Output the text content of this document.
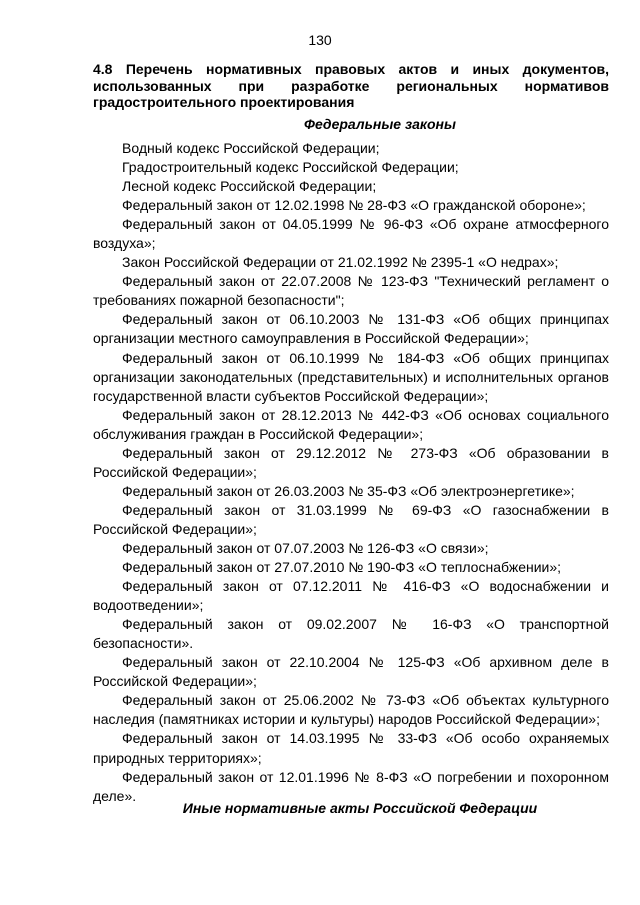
130
4.8 Перечень нормативных правовых актов и иных документов, использованных при разработке региональных нормативов градостроительного проектирования
Федеральные законы
Водный кодекс Российской Федерации;
Градостроительный кодекс Российской Федерации;
Лесной кодекс Российской Федерации;
Федеральный закон от 12.02.1998 № 28-ФЗ «О гражданской обороне»;
Федеральный закон от 04.05.1999 № 96-ФЗ «Об охране атмосферного воздуха»;
Закон Российской Федерации от 21.02.1992 № 2395-1 «О недрах»;
Федеральный закон от 22.07.2008 № 123-ФЗ "Технический регламент о требованиях пожарной безопасности";
Федеральный закон от 06.10.2003 № 131-ФЗ «Об общих принципах организации местного самоуправления в Российской Федерации»;
Федеральный закон от 06.10.1999 № 184-ФЗ «Об общих принципах организации законодательных (представительных) и исполнительных органов государственной власти субъектов Российской Федерации»;
Федеральный закон от 28.12.2013 № 442-ФЗ «Об основах социального обслуживания граждан в Российской Федерации»;
Федеральный закон от 29.12.2012 № 273-ФЗ «Об образовании в Российской Федерации»;
Федеральный закон от 26.03.2003 № 35-ФЗ «Об электроэнергетике»;
Федеральный закон от 31.03.1999 № 69-ФЗ «О газоснабжении в Российской Федерации»;
Федеральный закон от 07.07.2003 № 126-ФЗ «О связи»;
Федеральный закон от 27.07.2010 № 190-ФЗ «О теплоснабжении»;
Федеральный закон от 07.12.2011 № 416-ФЗ «О водоснабжении и водоотведении»;
Федеральный закон от 09.02.2007 № 16-ФЗ «О транспортной безопасности».
Федеральный закон от 22.10.2004 № 125-ФЗ «Об архивном деле в Российской Федерации»;
Федеральный закон от 25.06.2002 № 73-ФЗ «Об объектах культурного наследия (памятниках истории и культуры) народов Российской Федерации»;
Федеральный закон от 14.03.1995 № 33-ФЗ «Об особо охраняемых природных территориях»;
Федеральный закон от 12.01.1996 № 8-ФЗ «О погребении и похоронном деле».
Иные нормативные акты Российской Федерации
